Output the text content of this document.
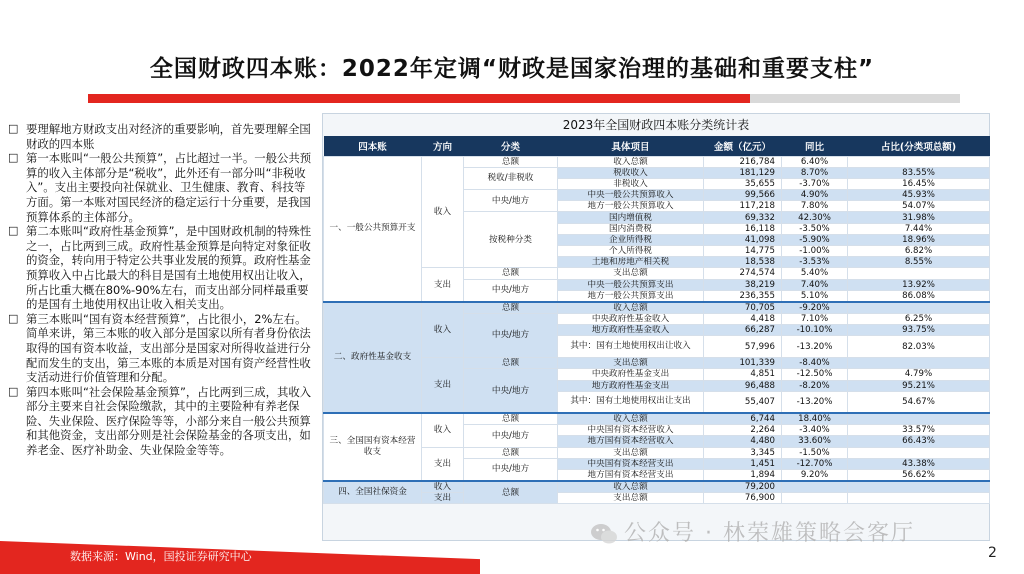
全国财政四本账：2022年定调“财政是国家治理的基础和重要支柱”
□ 要理解地方财政支出对经济的重要影响，首先要理解全国财政的四本账
□ 第一本账叫“一般公共预算”，占比超过一半。一般公共预算的收入主体部分是“税收”，此外还有一部分叫“非税收入”。支出主要投向社保就业、卫生健康、教育、科技等方面。第一本账对国民经济的稳定运行十分重要，是我国预算体系的主体部分。
□ 第二本账叫“政府性基金预算”，是中国财政机制的特殊性之一，占比两到三成。政府性基金预算是向特定对象征收的资金，转向用于特定公共事业发展的预算。政府性基金预算收入中占比最大的科目是国有土地使用权出让收入，所占比重大概在80%-90%左右，而支出部分同样最重要的是国有土地使用权出让收入相关支出。
□ 第三本账叫“国有资本经营预算”，占比很小，2%左右。简单来讲，第三本账的收入部分是国家以所有者身份依法取得的国有资本收益，支出部分是国家对所得收益进行分配而发生的支出，第三本账的本质是对国有资产经营性收支活动进行价值管理和分配。
□ 第四本账叫“社会保险基金预算”，占比两到三成，其收入部分主要来自社会保险缴款，其中的主要险种有养老保险、失业保险、医疗保险等等，小部分来自一般公共预算和其他资金，支出部分则是社会保险基金的各项支出，如养老金、医疗补助金、失业保险金等等。
2023年全国财政四本账分类统计表
四本账	方向	分类	具体项目	金额（亿元）	同比	占比(分类项总额)
一、一般公共预算开支	收入	总额	收入总额	216,784	6.40%	
		税收/非税收	税收收入	181,129	8.70%	83.55%
			非税收入	35,655	-3.70%	16.45%
		中央/地方	中央一般公共预算收入	99,566	4.90%	45.93%
			地方一般公共预算收入	117,218	7.80%	54.07%
		按税种分类	国内增值税	69,332	42.30%	31.98%
			国内消费税	16,118	-3.50%	7.44%
			企业所得税	41,098	-5.90%	18.96%
			个人所得税	14,775	-1.00%	6.82%
			土地和房地产相关税	18,538	-3.53%	8.55%
	支出	总额	支出总额	274,574	5.40%	
		中央/地方	中央一般公共预算支出	38,219	7.40%	13.92%
			地方一般公共预算支出	236,355	5.10%	86.08%
二、政府性基金收支	收入	总额	收入总额	70,705	-9.20%	
		中央/地方	中央政府性基金收入	4,418	7.10%	6.25%
			地方政府性基金收入	66,287	-10.10%	93.75%
			其中：国有土地使用权出让收入	57,996	-13.20%	82.03%
	支出	总额	支出总额	101,339	-8.40%	
		中央/地方	中央政府性基金支出	4,851	-12.50%	4.79%
			地方政府性基金支出	96,488	-8.20%	95.21%
			其中：国有土地使用权出让支出	55,407	-13.20%	54.67%
三、全国国有资本经营收支	收入	总额	收入总额	6,744	18.40%	
		中央/地方	中央国有资本经营收入	2,264	-3.40%	33.57%
			地方国有资本经营收入	4,480	33.60%	66.43%
	支出	总额	支出总额	3,345	-1.50%	
		中央/地方	中央国有资本经营支出	1,451	-12.70%	43.38%
			地方国有资本经营支出	1,894	9.20%	56.62%
四、全国社保资金	收入	总额	收入总额	79,200		
	支出		支出总额	76,900		
数据来源：Wind，国投证券研究中心
公众号 · 林荣雄策略会客厅
2
